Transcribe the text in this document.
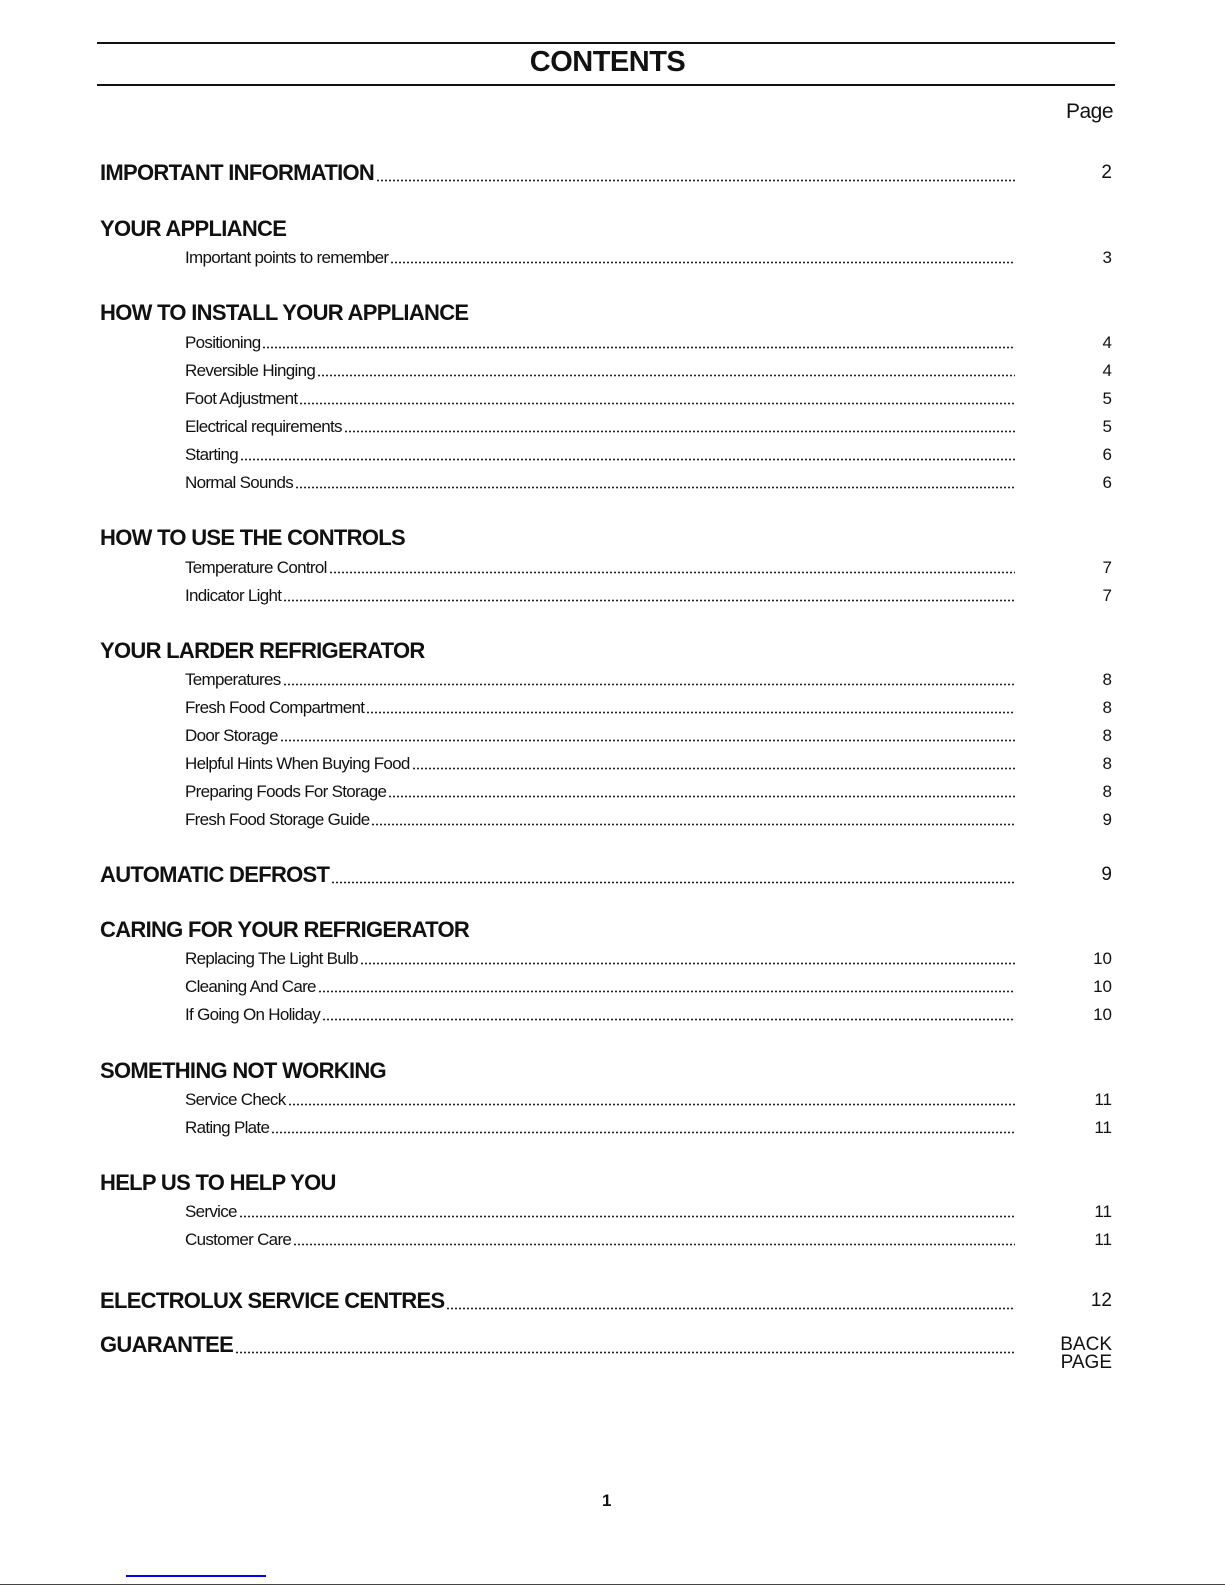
CONTENTS
Page
2
IMPORTANT INFORMATION
YOUR APPLIANCE
3
Important points to remember
HOW TO INSTALL YOUR APPLIANCE
4
Positioning
4
Reversible Hinging
5
Foot Adjustment
5
Electrical requirements
6
Starting
6
Normal Sounds
HOW TO USE THE CONTROLS
7
Temperature Control
7
Indicator Light
YOUR LARDER REFRIGERATOR
8
Temperatures
8
Fresh Food Compartment
8
Door Storage
8
Helpful Hints When Buying Food
8
Preparing Foods For Storage
9
Fresh Food Storage Guide
9
AUTOMATIC DEFROST
CARING FOR YOUR REFRIGERATOR
10
Replacing The Light Bulb
10
Cleaning And Care
10
If Going On Holiday
SOMETHING NOT WORKING
11
Service Check
11
Rating Plate
HELP US TO HELP YOU
11
Service
11
Customer Care
12
ELECTROLUX SERVICE CENTRES
BACK PAGE
GUARANTEE
1
